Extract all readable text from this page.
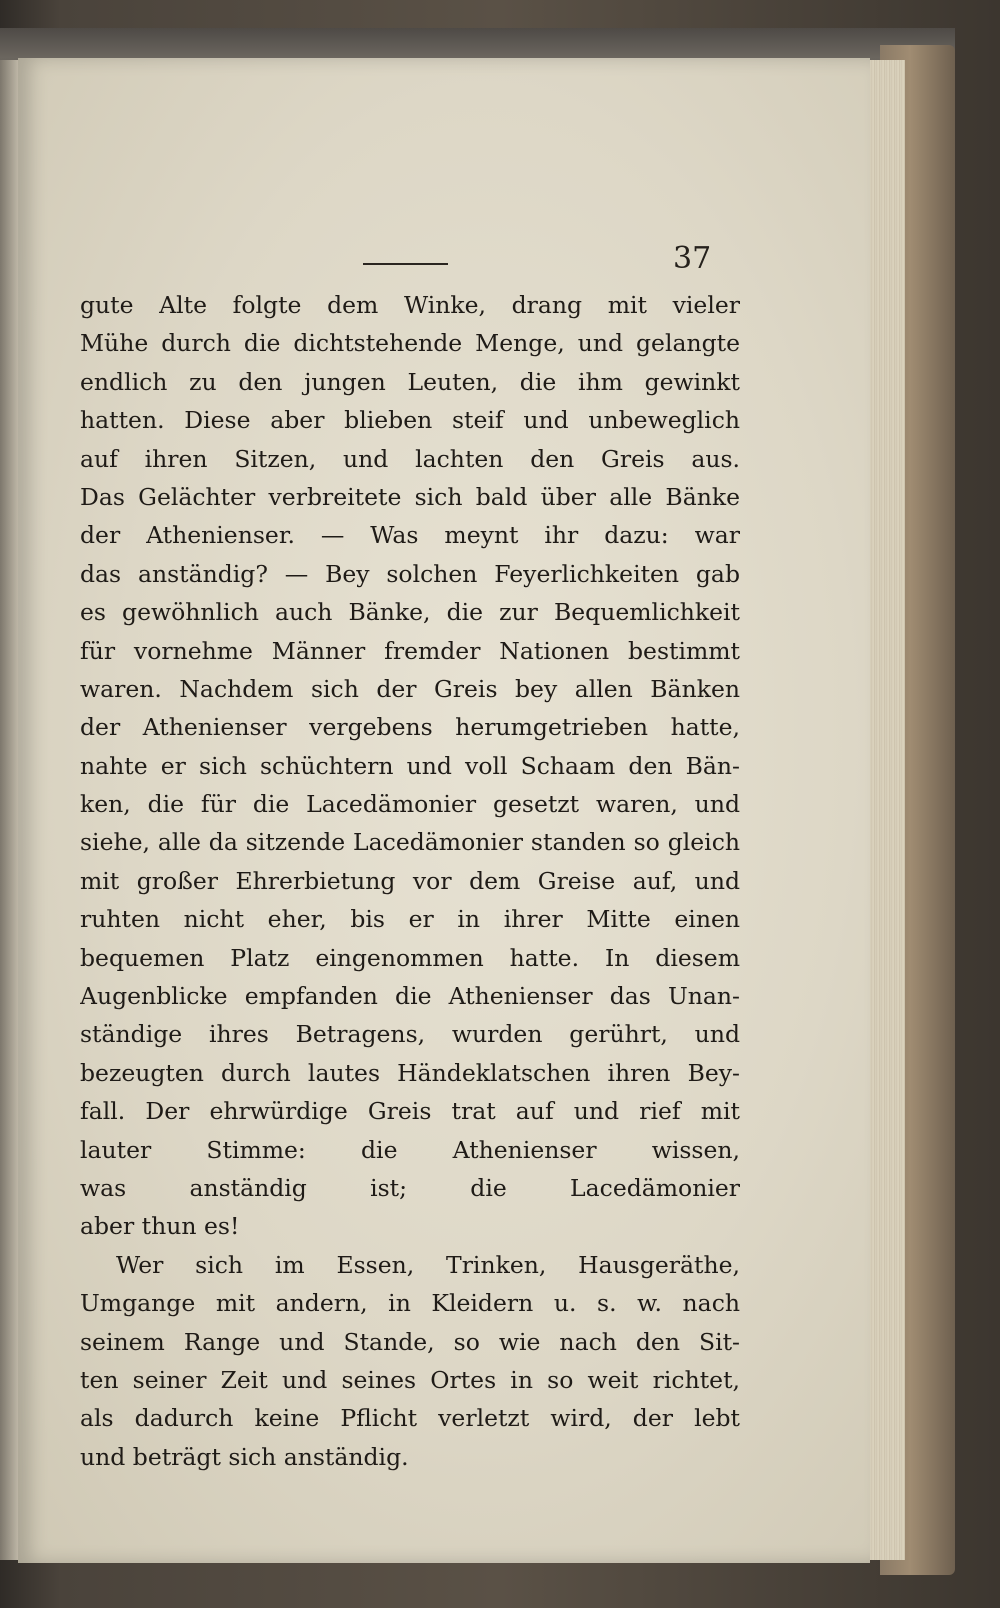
37
gute Alte folgte dem Winke, drang mit vieler
Mühe durch die dichtstehende Menge, und gelangte
endlich zu den jungen Leuten, die ihm gewinkt
hatten. Diese aber blieben steif und unbeweglich
auf ihren Sitzen, und lachten den Greis aus.
Das Gelächter verbreitete sich bald über alle Bänke
der Athenienser. — Was meynt ihr dazu: war
das anständig? — Bey solchen Feyerlichkeiten gab
es gewöhnlich auch Bänke, die zur Bequemlichkeit
für vornehme Männer fremder Nationen bestimmt
waren. Nachdem sich der Greis bey allen Bänken
der Athenienser vergebens herumgetrieben hatte,
nahte er sich schüchtern und voll Schaam den Bän-
ken, die für die Lacedämonier gesetzt waren, und
siehe, alle da sitzende Lacedämonier standen so gleich
mit großer Ehrerbietung vor dem Greise auf, und
ruhten nicht eher, bis er in ihrer Mitte einen
bequemen Platz eingenommen hatte. In diesem
Augenblicke empfanden die Athenienser das Unan-
ständige ihres Betragens, wurden gerührt, und
bezeugten durch lautes Händeklatschen ihren Bey-
fall. Der ehrwürdige Greis trat auf und rief mit
lauter Stimme: die Athenienser wissen,
was anständig ist; die Lacedämonier
aber thun es!
Wer sich im Essen, Trinken, Hausgeräthe,
Umgange mit andern, in Kleidern u. s. w. nach
seinem Range und Stande, so wie nach den Sit-
ten seiner Zeit und seines Ortes in so weit richtet,
als dadurch keine Pflicht verletzt wird, der lebt
und beträgt sich anständig.
